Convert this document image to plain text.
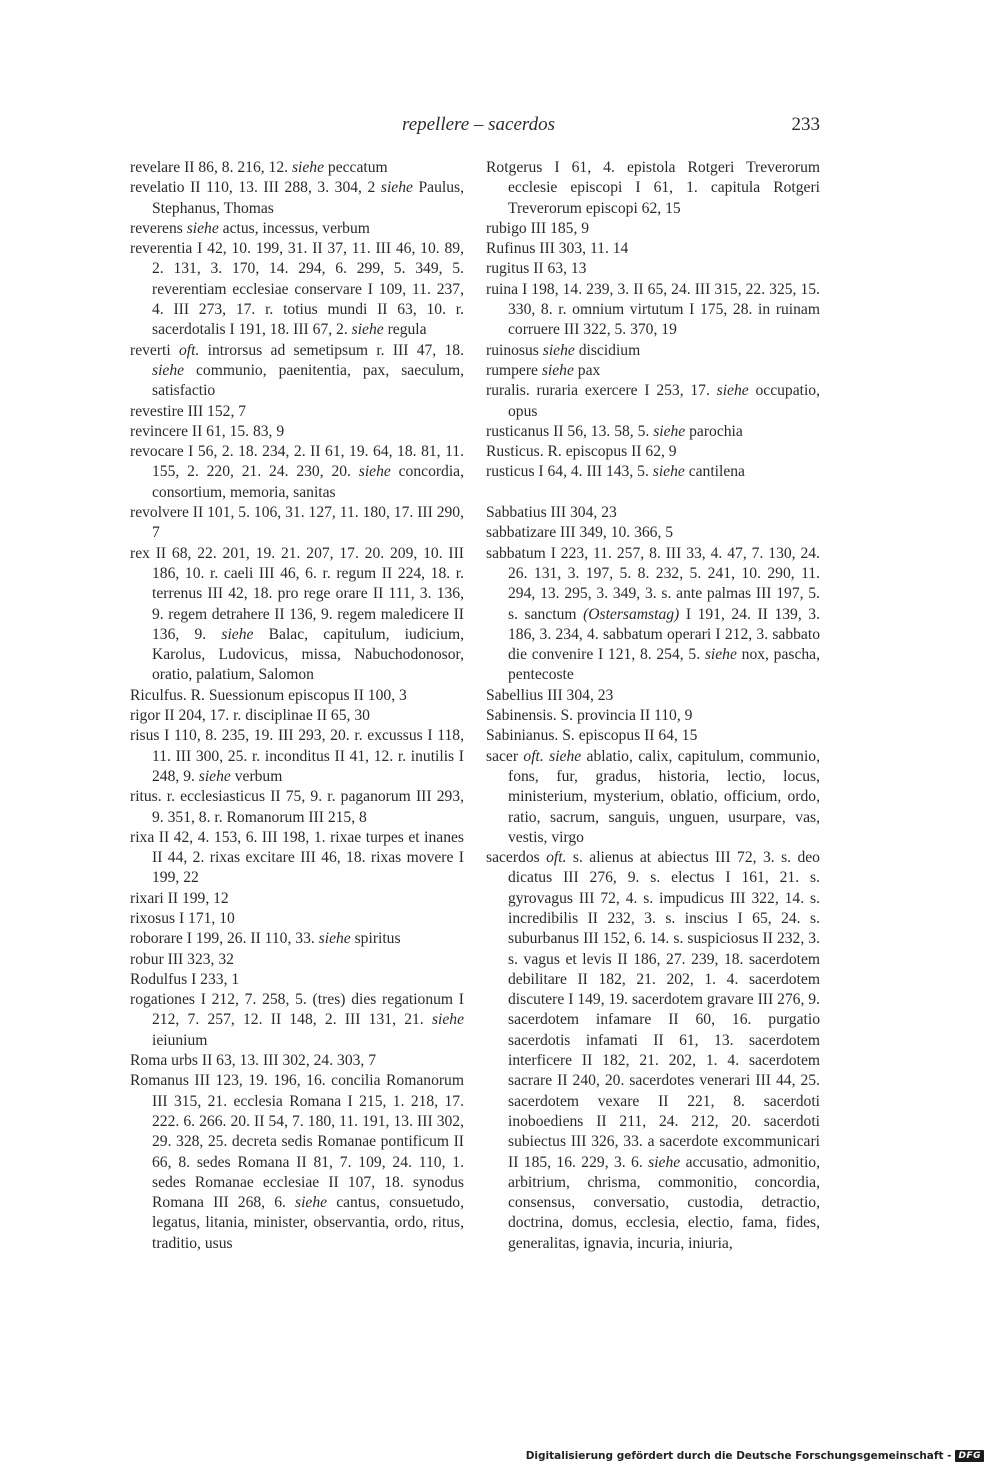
repellere – sacerdos	233

revelare II 86, 8. 216, 12. siehe peccatum

revelatio II 110, 13. III 288, 3. 304, 2 siehe Paulus, Stephanus, Thomas

reverens siehe actus, incessus, verbum

reverentia I 42, 10. 199, 31. II 37, 11. III 46, 10. 89, 2. 131, 3. 170, 14. 294, 6. 299, 5. 349, 5. reverentiam ecclesiae conservare I 109, 11. 237, 4. III 273, 17. r. totius mundi II 63, 10. r. sacerdotalis I 191, 18. III 67, 2. siehe regula

reverti oft. introrsus ad semetipsum r. III 47, 18. siehe communio, paenitentia, pax, saeculum, satisfactio

revestire III 152, 7

revincere II 61, 15. 83, 9

revocare I 56, 2. 18. 234, 2. II 61, 19. 64, 18. 81, 11. 155, 2. 220, 21. 24. 230, 20. siehe concordia, consortium, memoria, sanitas

revolvere II 101, 5. 106, 31. 127, 11. 180, 17. III 290, 7

rex II 68, 22. 201, 19. 21. 207, 17. 20. 209, 10. III 186, 10. r. caeli III 46, 6. r. regum II 224, 18. r. terrenus III 42, 18. pro rege orare II 111, 3. 136, 9. regem detrahere II 136, 9. regem maledicere II 136, 9. siehe Balac, capitulum, iudicium, Karolus, Ludovicus, missa, Nabuchodonosor, oratio, palatium, Salomon

Riculfus. R. Suessionum episcopus II 100, 3

rigor II 204, 17. r. disciplinae II 65, 30

risus I 110, 8. 235, 19. III 293, 20. r. excussus I 118, 11. III 300, 25. r. inconditus II 41, 12. r. inutilis I 248, 9. siehe verbum

ritus. r. ecclesiasticus II 75, 9. r. paganorum III 293, 9. 351, 8. r. Romanorum III 215, 8

rixa II 42, 4. 153, 6. III 198, 1. rixae turpes et inanes II 44, 2. rixas excitare III 46, 18. rixas movere I 199, 22

rixari II 199, 12

rixosus I 171, 10

roborare I 199, 26. II 110, 33. siehe spiritus

robur III 323, 32

Rodulfus I 233, 1

rogationes I 212, 7. 258, 5. (tres) dies regationum I 212, 7. 257, 12. II 148, 2. III 131, 21. siehe ieiunium

Roma urbs II 63, 13. III 302, 24. 303, 7

Romanus III 123, 19. 196, 16. concilia Romanorum III 315, 21. ecclesia Romana I 215, 1. 218, 17. 222. 6. 266. 20. II 54, 7. 180, 11. 191, 13. III 302, 29. 328, 25. decreta sedis Romanae pontificum II 66, 8. sedes Romana II 81, 7. 109, 24. 110, 1. sedes Romanae ecclesiae II 107, 18. synodus Romana III 268, 6. siehe cantus, consuetudo, legatus, litania, minister, observantia, ordo, ritus, traditio, usus

Rotgerus I 61, 4. epistola Rotgeri Treverorum ecclesie episcopi I 61, 1. capitula Rotgeri Treverorum episcopi 62, 15

rubigo III 185, 9

Rufinus III 303, 11. 14

rugitus II 63, 13

ruina I 198, 14. 239, 3. II 65, 24. III 315, 22. 325, 15. 330, 8. r. omnium virtutum I 175, 28. in ruinam corruere III 322, 5. 370, 19

ruinosus siehe discidium

rumpere siehe pax

ruralis. ruraria exercere I 253, 17. siehe occupatio, opus

rusticanus II 56, 13. 58, 5. siehe parochia

Rusticus. R. episcopus II 62, 9

rusticus I 64, 4. III 143, 5. siehe cantilena

Sabbatius III 304, 23

sabbatizare III 349, 10. 366, 5

sabbatum I 223, 11. 257, 8. III 33, 4. 47, 7. 130, 24. 26. 131, 3. 197, 5. 8. 232, 5. 241, 10. 290, 11. 294, 13. 295, 3. 349, 3. s. ante palmas III 197, 5. s. sanctum (Ostersamstag) I 191, 24. II 139, 3. 186, 3. 234, 4. sabbatum operari I 212, 3. sabbato die convenire I 121, 8. 254, 5. siehe nox, pascha, pentecoste

Sabellius III 304, 23

Sabinensis. S. provincia II 110, 9

Sabinianus. S. episcopus II 64, 15

sacer oft. siehe ablatio, calix, capitulum, communio, fons, fur, gradus, historia, lectio, locus, ministerium, mysterium, oblatio, officium, ordo, ratio, sacrum, sanguis, unguen, usurpare, vas, vestis, virgo

sacerdos oft. s. alienus at abiectus III 72, 3. s. deo dicatus III 276, 9. s. electus I 161, 21. s. gyrovagus III 72, 4. s. impudicus III 322, 14. s. incredibilis II 232, 3. s. inscius I 65, 24. s. suburbanus III 152, 6. 14. s. suspiciosus II 232, 3. s. vagus et levis II 186, 27. 239, 18. sacerdotem debilitare II 182, 21. 202, 1. 4. sacerdotem discutere I 149, 19. sacerdotem gravare III 276, 9. sacerdotem infamare II 60, 16. purgatio sacerdotis infamati II 61, 13. sacerdotem interficere II 182, 21. 202, 1. 4. sacerdotem sacrare II 240, 20. sacerdotes venerari III 44, 25. sacerdotem vexare II 221, 8. sacerdoti inoboediens II 211, 24. 212, 20. sacerdoti subiectus III 326, 33. a sacerdote excommunicari II 185, 16. 229, 3. 6. siehe accusatio, admonitio, arbitrium, chrisma, commonitio, concordia, consensus, conversatio, custodia, detractio, doctrina, domus, ecclesia, electio, fama, fides, generalitas, ignavia, incuria, iniuria,

Digitalisierung gefördert durch die Deutsche Forschungsgemeinschaft - DFG
